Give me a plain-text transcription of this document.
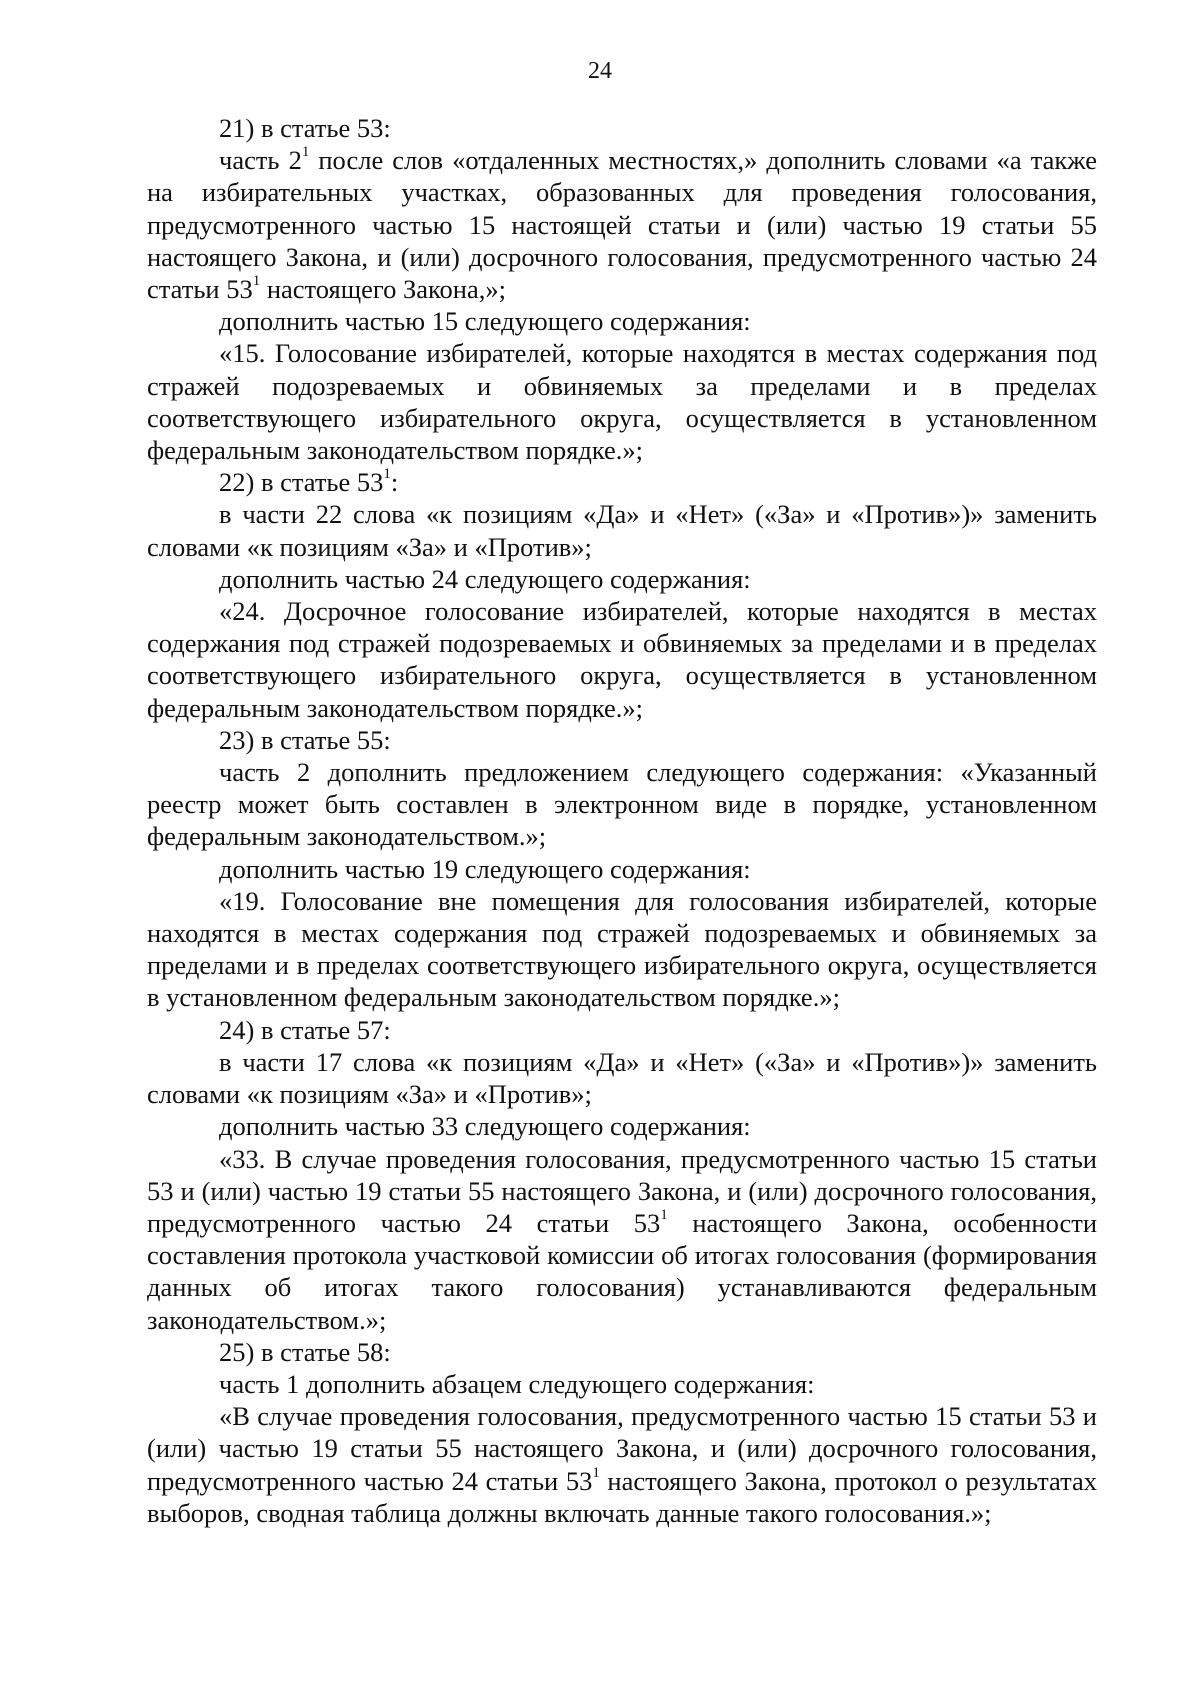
24

21) в статье 53:

часть $2^1$ после слов «отдаленных местностях,» дополнить словами «а также на избирательных участках, образованных для проведения голосования, предусмотренного частью 15 настоящей статьи и (или) частью 19 статьи 55 настоящего Закона, и (или) досрочного голосования, предусмотренного частью 24 статьи $53^1$ настоящего Закона,»;

дополнить частью 15 следующего содержания:

«15. Голосование избирателей, которые находятся в местах содержания под стражей подозреваемых и обвиняемых за пределами и в пределах соответствующего избирательного округа, осуществляется в установленном федеральным законодательством порядке.»;

22) в статье $53^1$:

в части 22 слова «к позициям «Да» и «Нет» («За» и «Против»)» заменить словами «к позициям «За» и «Против»;

дополнить частью 24 следующего содержания:

«24. Досрочное голосование избирателей, которые находятся в местах содержания под стражей подозреваемых и обвиняемых за пределами и в пределах соответствующего избирательного округа, осуществляется в установленном федеральным законодательством порядке.»;

23) в статье 55:

часть 2 дополнить предложением следующего содержания: «Указанный реестр может быть составлен в электронном виде в порядке, установленном федеральным законодательством.»;

дополнить частью 19 следующего содержания:

«19. Голосование вне помещения для голосования избирателей, которые находятся в местах содержания под стражей подозреваемых и обвиняемых за пределами и в пределах соответствующего избирательного округа, осуществляется в установленном федеральным законодательством порядке.»;

24) в статье 57:

в части 17 слова «к позициям «Да» и «Нет» («За» и «Против»)» заменить словами «к позициям «За» и «Против»;

дополнить частью 33 следующего содержания:

«33. В случае проведения голосования, предусмотренного частью 15 статьи 53 и (или) частью 19 статьи 55 настоящего Закона, и (или) досрочного голосования, предусмотренного частью 24 статьи $53^1$ настоящего Закона, особенности составления протокола участковой комиссии об итогах голосования (формирования данных об итогах такого голосования) устанавливаются федеральным законодательством.»;

25) в статье 58:

часть 1 дополнить абзацем следующего содержания:

«В случае проведения голосования, предусмотренного частью 15 статьи 53 и (или) частью 19 статьи 55 настоящего Закона, и (или) досрочного голосования, предусмотренного частью 24 статьи $53^1$ настоящего Закона, протокол о результатах выборов, сводная таблица должны включать данные такого голосования.»;
